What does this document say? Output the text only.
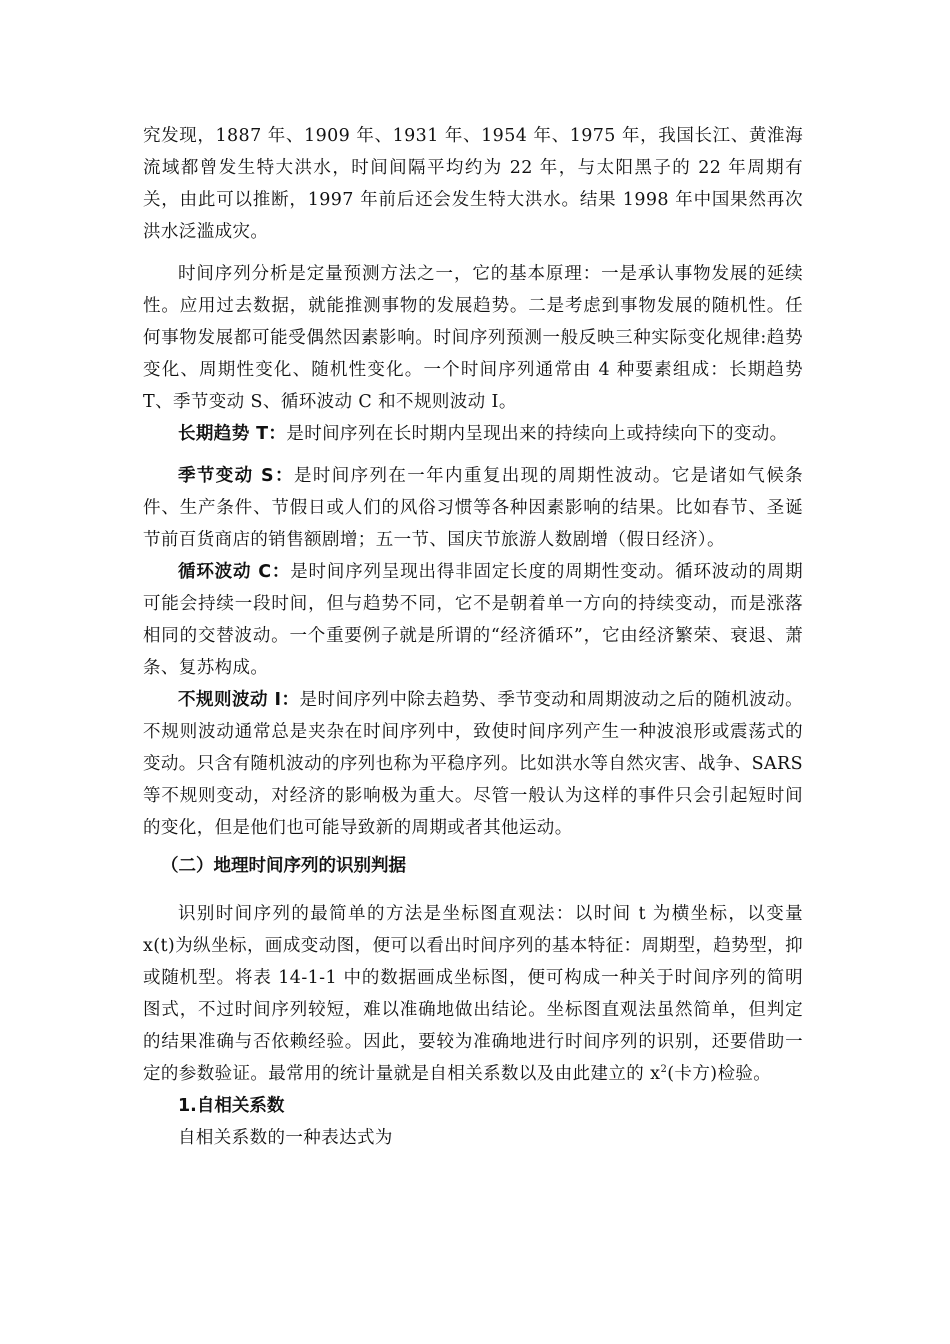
究发现，1887 年、1909 年、1931 年、1954 年、1975 年，我国长江、黄淮海流域都曾发生特大洪水，时间间隔平均约为 22 年，与太阳黑子的 22 年周期有关，由此可以推断，1997 年前后还会发生特大洪水。结果 1998 年中国果然再次洪水泛滥成灾。

时间序列分析是定量预测方法之一，它的基本原理：一是承认事物发展的延续性。应用过去数据，就能推测事物的发展趋势。二是考虑到事物发展的随机性。任何事物发展都可能受偶然因素影响。时间序列预测一般反映三种实际变化规律:趋势变化、周期性变化、随机性变化。一个时间序列通常由 4 种要素组成：长期趋势 T、季节变动 S、循环波动 C 和不规则波动 I。

长期趋势 T：是时间序列在长时期内呈现出来的持续向上或持续向下的变动。

季节变动 S：是时间序列在一年内重复出现的周期性波动。它是诸如气候条件、生产条件、节假日或人们的风俗习惯等各种因素影响的结果。比如春节、圣诞节前百货商店的销售额剧增；五一节、国庆节旅游人数剧增（假日经济）。

循环波动 C：是时间序列呈现出得非固定长度的周期性变动。循环波动的周期可能会持续一段时间，但与趋势不同，它不是朝着单一方向的持续变动，而是涨落相同的交替波动。一个重要例子就是所谓的“经济循环”，它由经济繁荣、衰退、萧条、复苏构成。

不规则波动 I：是时间序列中除去趋势、季节变动和周期波动之后的随机波动。不规则波动通常总是夹杂在时间序列中，致使时间序列产生一种波浪形或震荡式的变动。只含有随机波动的序列也称为平稳序列。比如洪水等自然灾害、战争、SARS 等不规则变动，对经济的影响极为重大。尽管一般认为这样的事件只会引起短时间的变化，但是他们也可能导致新的周期或者其他运动。

（二）地理时间序列的识别判据

识别时间序列的最简单的方法是坐标图直观法：以时间 t 为横坐标，以变量 x(t)为纵坐标，画成变动图，便可以看出时间序列的基本特征：周期型，趋势型，抑或随机型。将表 14-1-1 中的数据画成坐标图，便可构成一种关于时间序列的简明图式，不过时间序列较短，难以准确地做出结论。坐标图直观法虽然简单，但判定的结果准确与否依赖经验。因此，要较为准确地进行时间序列的识别，还要借助一定的参数验证。最常用的统计量就是自相关系数以及由此建立的 $x^2$(卡方)检验。

1.自相关系数

自相关系数的一种表达式为
